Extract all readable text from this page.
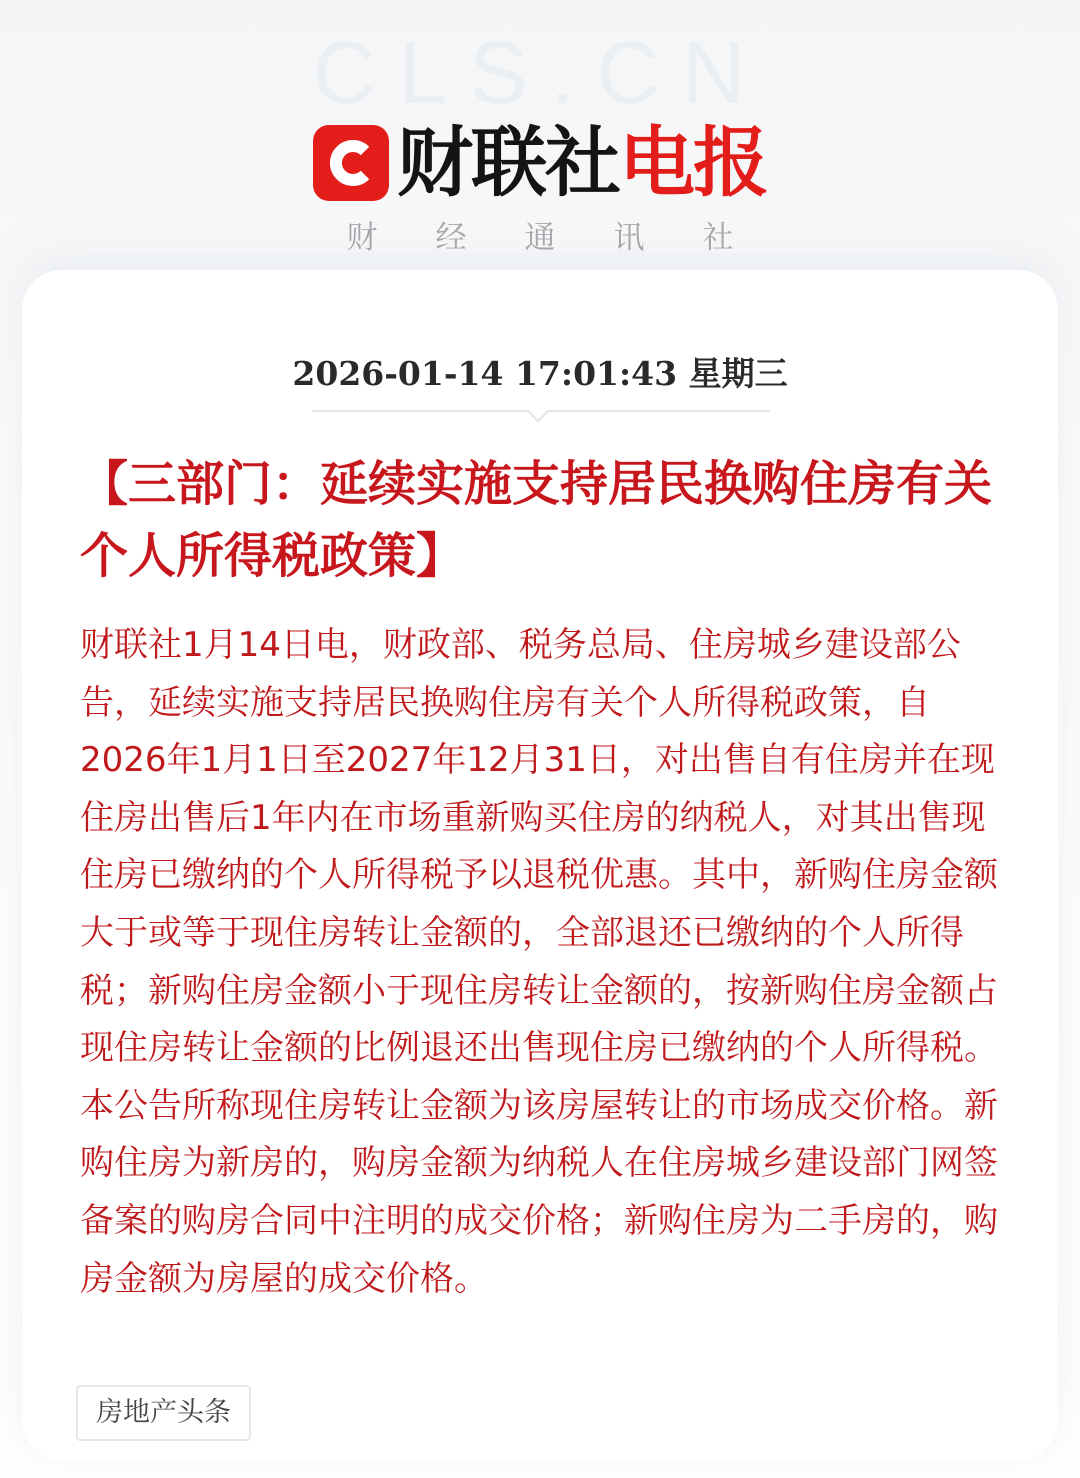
CLS.CN
财联社 电报
财经通讯社
2026-01-14 17:01:43 星期三
【三部门：延续实施支持居民换购住房有关个人所得税政策】

财联社1月14日电，财政部、税务总局、住房城乡建设部公告，延续实施支持居民换购住房有关个人所得税政策，自2026年1月1日至2027年12月31日，对出售自有住房并在现住房出售后1年内在市场重新购买住房的纳税人，对其出售现住房已缴纳的个人所得税予以退税优惠。其中，新购住房金额大于或等于现住房转让金额的，全部退还已缴纳的个人所得税；新购住房金额小于现住房转让金额的，按新购住房金额占现住房转让金额的比例退还出售现住房已缴纳的个人所得税。本公告所称现住房转让金额为该房屋转让的市场成交价格。新购住房为新房的，购房金额为纳税人在住房城乡建设部门网签备案的购房合同中注明的成交价格；新购住房为二手房的，购房金额为房屋的成交价格。

房地产头条
